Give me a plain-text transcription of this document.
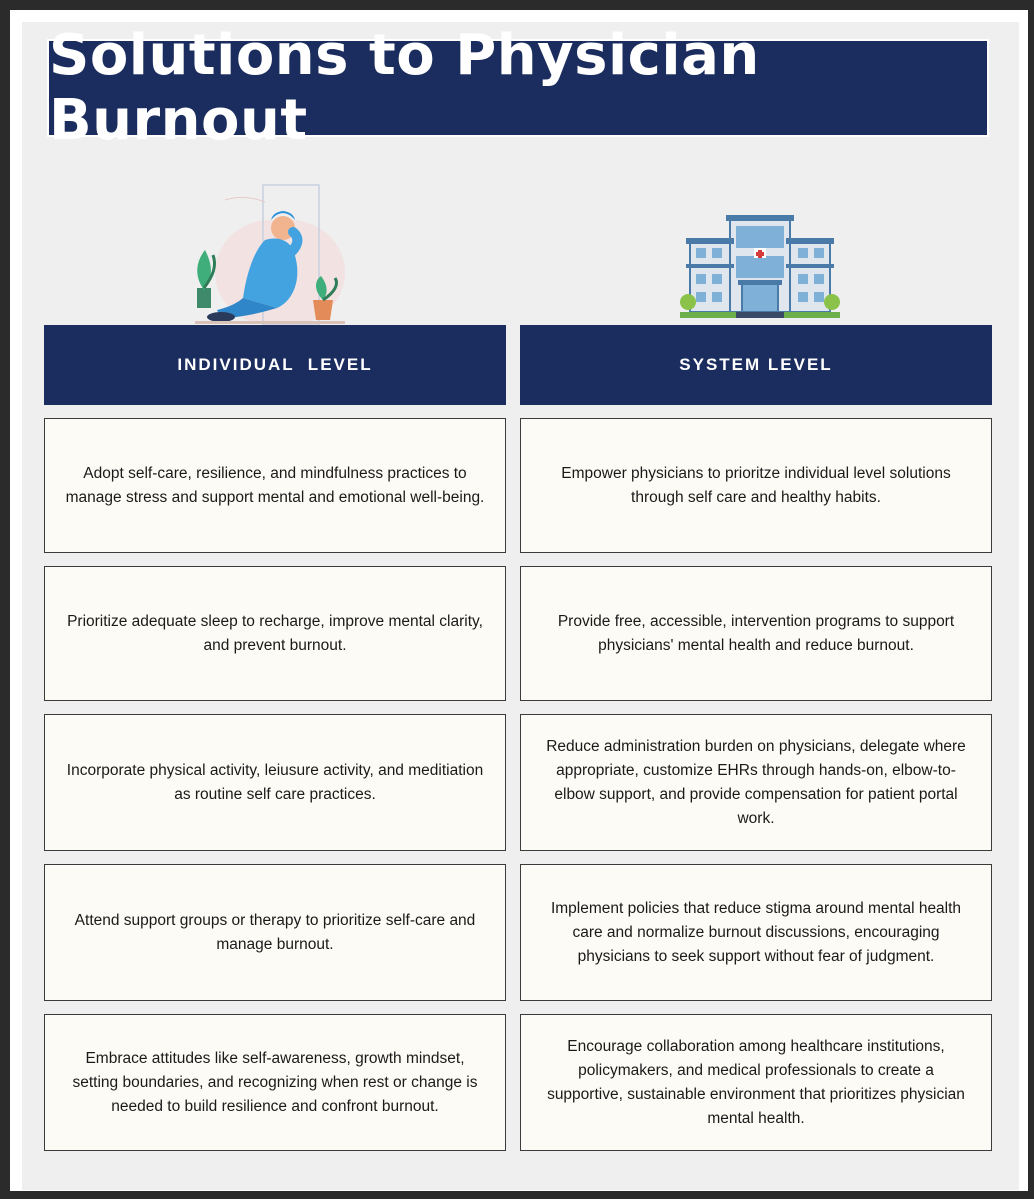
Solutions to Physician Burnout
INDIVIDUAL  LEVEL	SYSTEM LEVEL
Adopt self-care, resilience, and mindfulness practices to manage stress and support mental and emotional well-being.
Prioritize adequate sleep to recharge, improve mental clarity, and prevent burnout.
Incorporate physical activity, leiusure activity, and meditiation as routine self care practices.
Attend support groups or therapy to prioritize self-care and manage burnout.
Embrace attitudes like self-awareness, growth mindset, setting boundaries, and recognizing when rest or change is needed to build resilience and confront burnout.
Empower physicians to prioritze individual level solutions through self care and healthy habits.
Provide free, accessible, intervention programs to support physicians' mental health and reduce burnout.
Reduce administration burden on physicians, delegate where appropriate, customize EHRs through hands-on, elbow-to-elbow support, and provide compensation for patient portal work.
Implement policies that reduce stigma around mental health care and normalize burnout discussions, encouraging physicians to seek support without fear of judgment.
Encourage collaboration among healthcare institutions, policymakers, and medical professionals to create a supportive, sustainable environment that prioritizes physician mental health.
